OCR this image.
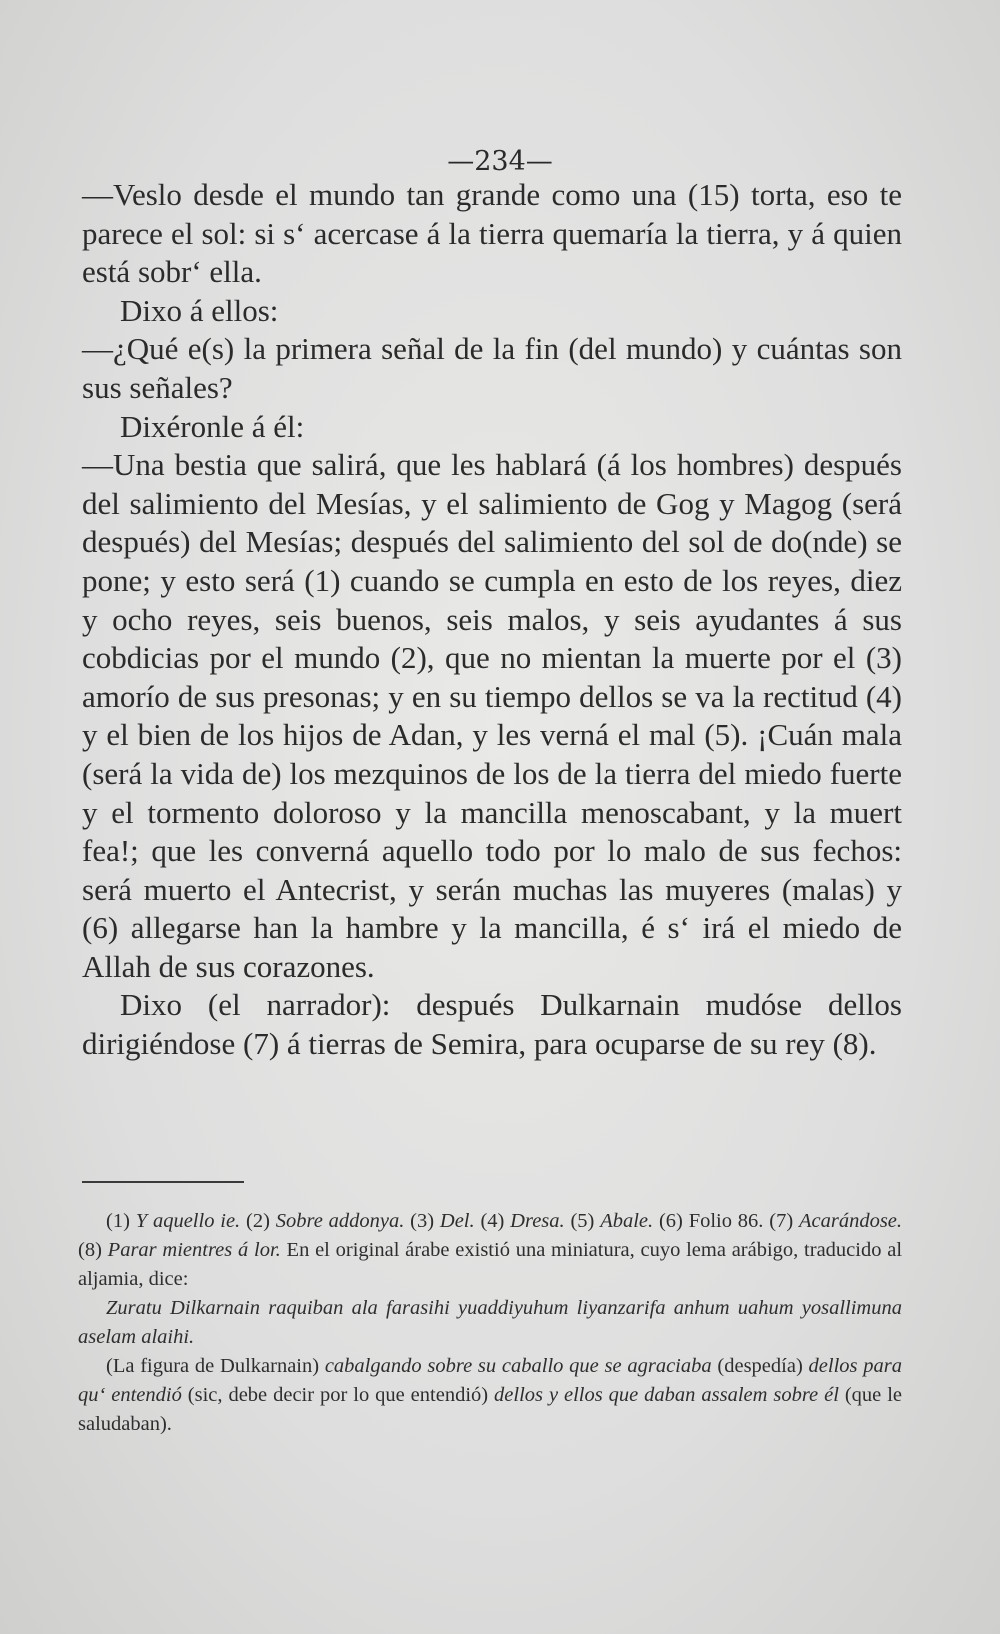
—234—

—Veslo desde el mundo tan grande como una (15) torta, eso te parece el sol: si s‘ acercase á la tierra quemaría la tierra, y á quien está sobr‘ ella.

Dixo á ellos:

—¿Qué e(s) la primera señal de la fin (del mundo) y cuántas son sus señales?

Dixéronle á él:

—Una bestia que salirá, que les hablará (á los hombres) después del salimiento del Mesías, y el salimiento de Gog y Magog (será después) del Mesías; después del salimiento del sol de do(nde) se pone; y esto será (1) cuando se cumpla en esto de los reyes, diez y ocho reyes, seis buenos, seis malos, y seis ayudantes á sus cobdicias por el mundo (2), que no mientan la muerte por el (3) amorío de sus presonas; y en su tiempo dellos se va la rectitud (4) y el bien de los hijos de Adan, y les verná el mal (5). ¡Cuán mala (será la vida de) los mezquinos de los de la tierra del miedo fuerte y el tormento doloroso y la mancilla menoscabant, y la muert fea!; que les converná aquello todo por lo malo de sus fechos: será muerto el Antecrist, y serán muchas las muyeres (malas) y (6) allegarse han la hambre y la mancilla, é s‘ irá el miedo de Allah de sus corazones.

Dixo (el narrador): después Dulkarnain mudóse dellos dirigiéndose (7) á tierras de Semira, para ocuparse de su rey (8).

(1) Y aquello ie. (2) Sobre addonya. (3) Del. (4) Dresa. (5) Abale. (6) Folio 86. (7) Acarándose. (8) Parar mientres á lor. En el original árabe existió una miniatura, cuyo lema arábigo, traducido al aljamia, dice:

Zuratu Dilkarnain raquiban ala farasihi yuaddiyuhum liyanzarifa anhum uahum yosallimuna aselam alaihi.

(La figura de Dulkarnain) cabalgando sobre su caballo que se agraciaba (despedía) dellos para qu‘ entendió (sic, debe decir por lo que entendió) dellos y ellos que daban assalem sobre él (que le saludaban).
